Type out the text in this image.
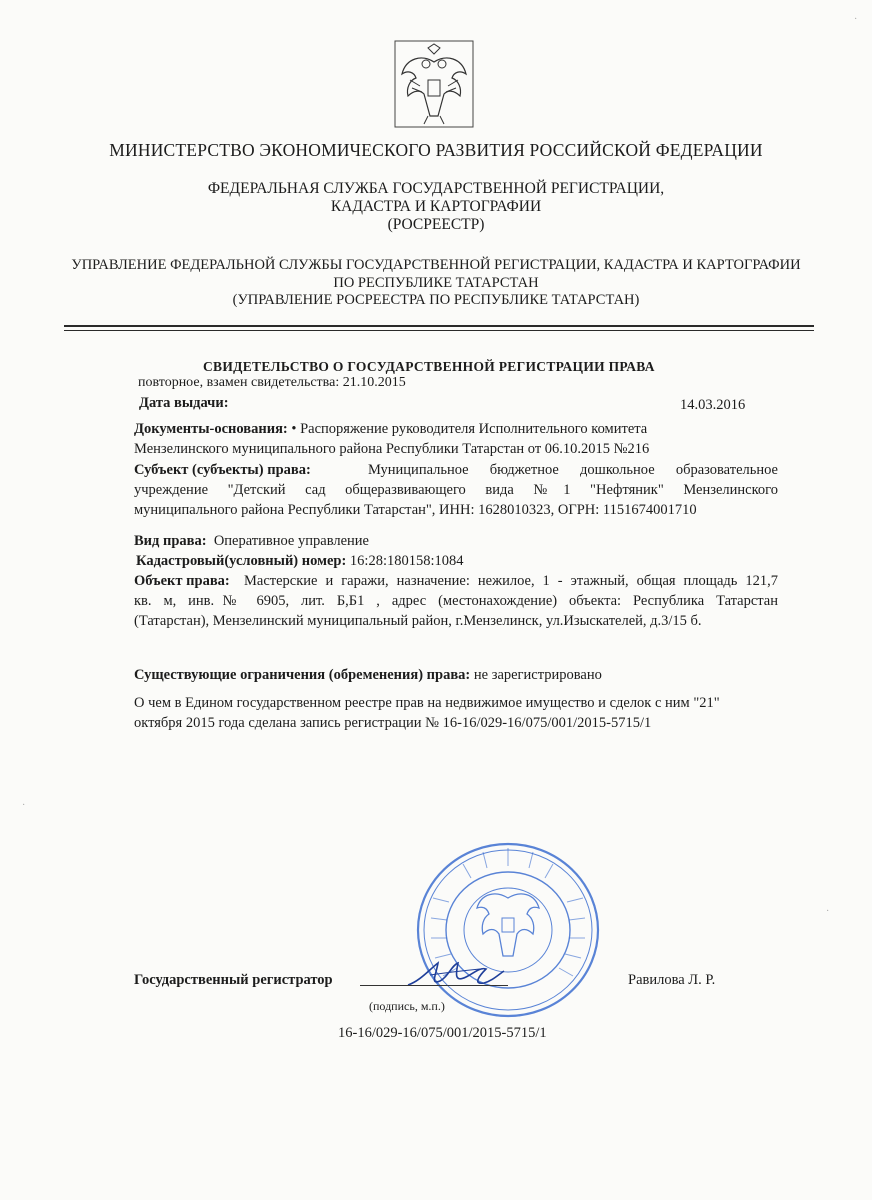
МИНИСТЕРСТВО ЭКОНОМИЧЕСКОГО РАЗВИТИЯ РОССИЙСКОЙ ФЕДЕРАЦИИ
ФЕДЕРАЛЬНАЯ СЛУЖБА ГОСУДАРСТВЕННОЙ РЕГИСТРАЦИИ,
КАДАСТРА И КАРТОГРАФИИ
(РОСРЕЕСТР)
УПРАВЛЕНИЕ ФЕДЕРАЛЬНОЙ СЛУЖБЫ ГОСУДАРСТВЕННОЙ РЕГИСТРАЦИИ, КАДАСТРА И КАРТОГРАФИИ
ПО РЕСПУБЛИКЕ ТАТАРСТАН
(УПРАВЛЕНИЕ РОСРЕЕСТРА ПО РЕСПУБЛИКЕ ТАТАРСТАН)
СВИДЕТЕЛЬСТВО О ГОСУДАРСТВЕННОЙ РЕГИСТРАЦИИ ПРАВА
повторное, взамен свидетельства: 21.10.2015
Дата выдачи:	14.03.2016
Документы-основания: • Распоряжение руководителя Исполнительного комитета
Мензелинского муниципального района Республики Татарстан от 06.10.2015 №216
Субъект (субъекты) права:	Муниципальное бюджетное дошкольное образовательное
учреждение "Детский сад общеразвивающего вида №1 "Нефтяник" Мензелинского
муниципального района Республики Татарстан", ИНН: 1628010323, ОГРН: 1151674001710
Вид права: Оперативное управление
Кадастровый(условный) номер: 16:28:180158:1084
Объект права: Мастерские и гаражи, назначение: нежилое, 1 - этажный, общая площадь 121,7
кв. м, инв.№ 6905, лит. Б,Б1 , адрес (местонахождение) объекта: Республика Татарстан
(Татарстан), Мензелинский муниципальный район, г.Мензелинск, ул.Изыскателей, д.3/15 б.
Существующие ограничения (обременения) права: не зарегистрировано
О чем в Едином государственном реестре прав на недвижимое имущество и сделок с ним "21"
октября 2015 года сделана запись регистрации № 16-16/029-16/075/001/2015-5715/1
Государственный регистратор	Равилова Л. Р.
(подпись, м.п.)
16-16/029-16/075/001/2015-5715/1
·
·
·
